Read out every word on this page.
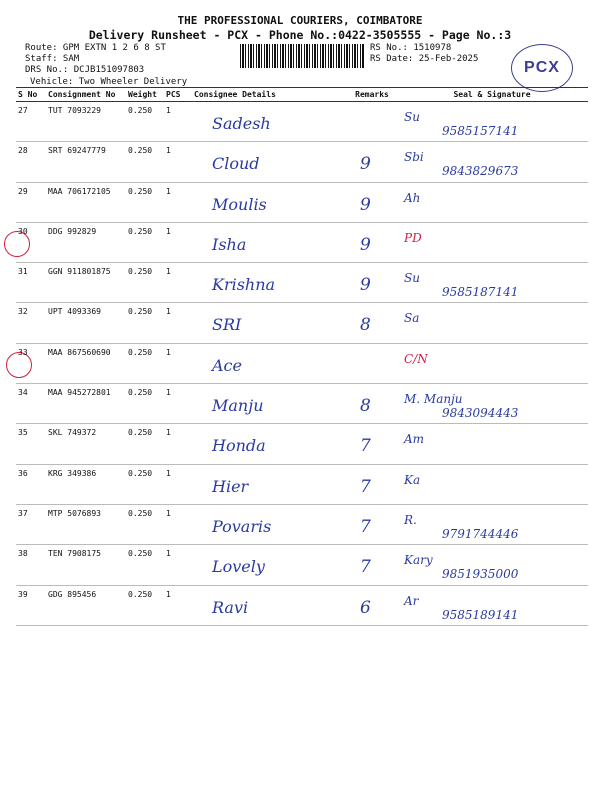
THE PROFESSIONAL COURIERS, COIMBATORE
Delivery Runsheet - PCX - Phone No.:0422-3505555 - Page No.:3
Route: GPM EXTN 1 2 6 8 ST
Staff: SAM
DRS No.: DCJB151097803
RS No.: 1510978
RS Date: 25-Feb-2025	PCX
Vehicle: Two Wheeler Delivery
S No	Consignment No	Weight	PCS	Consignee Details	Remarks	Seal & Signature
27	TUT 7093229	0.250	1	Sadesh		Su
9585157141

28	SRT 69247779	0.250	1	Cloud	9	Sbi
9843829673

29	MAA 706172105	0.250	1	Moulis	9	Ah

30	DDG 992829	0.250	1	Isha	9	PD

31	GGN 911801875	0.250	1	Krishna	9	Su
9585187141

32	UPT 4093369	0.250	1	SRI	8	Sa

33	MAA 867560690	0.250	1	Ace		C/N

34	MAA 945272801	0.250	1	Manju	8	M. Manju
9843094443

35	SKL 749372	0.250	1	Honda	7	Am

36	KRG 349386	0.250	1	Hier	7	Ka

37	MTP 5076893	0.250	1	Povaris	7	R.
9791744446

38	TEN 7908175	0.250	1	Lovely	7	Kary
9851935000

39	GDG 895456	0.250	1	Ravi	6	Ar
9585189141
